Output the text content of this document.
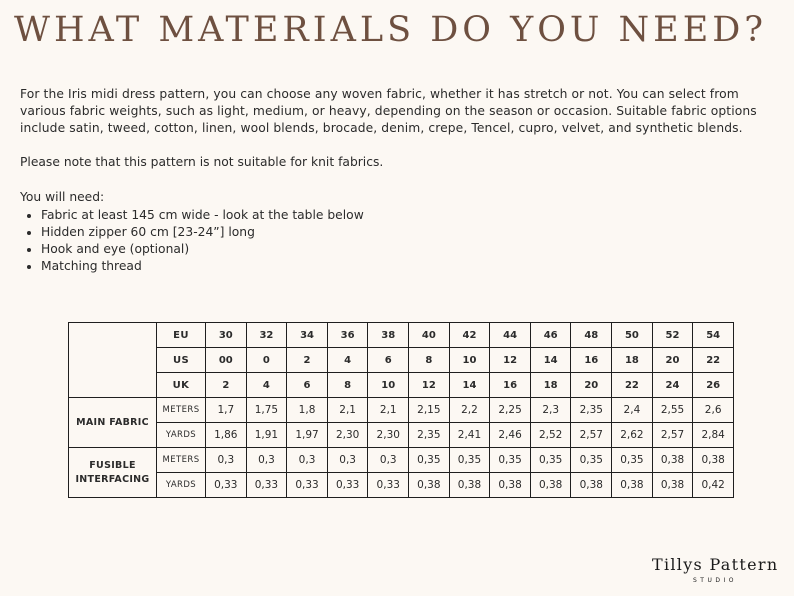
WHAT MATERIALS DO YOU NEED?

For the Iris midi dress pattern, you can choose any woven fabric, whether it has stretch or not. You can select from various fabric weights, such as light, medium, or heavy, depending on the season or occasion. Suitable fabric options include satin, tweed, cotton, linen, wool blends, brocade, denim, crepe, Tencel, cupro, velvet, and synthetic blends.

Please note that this pattern is not suitable for knit fabrics.

You will need:

• Fabric at least 145 cm wide - look at the table below
• Hidden zipper 60 cm [23-24”] long
• Hook and eye (optional)
• Matching thread
	EU	30	32	34	36	38	40	42	44	46	48	50	52	54
	US	00	0	2	4	6	8	10	12	14	16	18	20	22
	UK	2	4	6	8	10	12	14	16	18	20	22	24	26
MAIN FABRIC	METERS	1,7	1,75	1,8	2,1	2,1	2,15	2,2	2,25	2,3	2,35	2,4	2,55	2,6
	YARDS	1,86	1,91	1,97	2,30	2,30	2,35	2,41	2,46	2,52	2,57	2,62	2,57	2,84
FUSIBLE
INTERFACING	METERS	0,3	0,3	0,3	0,3	0,3	0,35	0,35	0,35	0,35	0,35	0,35	0,38	0,38
	YARDS	0,33	0,33	0,33	0,33	0,33	0,38	0,38	0,38	0,38	0,38	0,38	0,38	0,42
Tillys Pattern
STUDIO
